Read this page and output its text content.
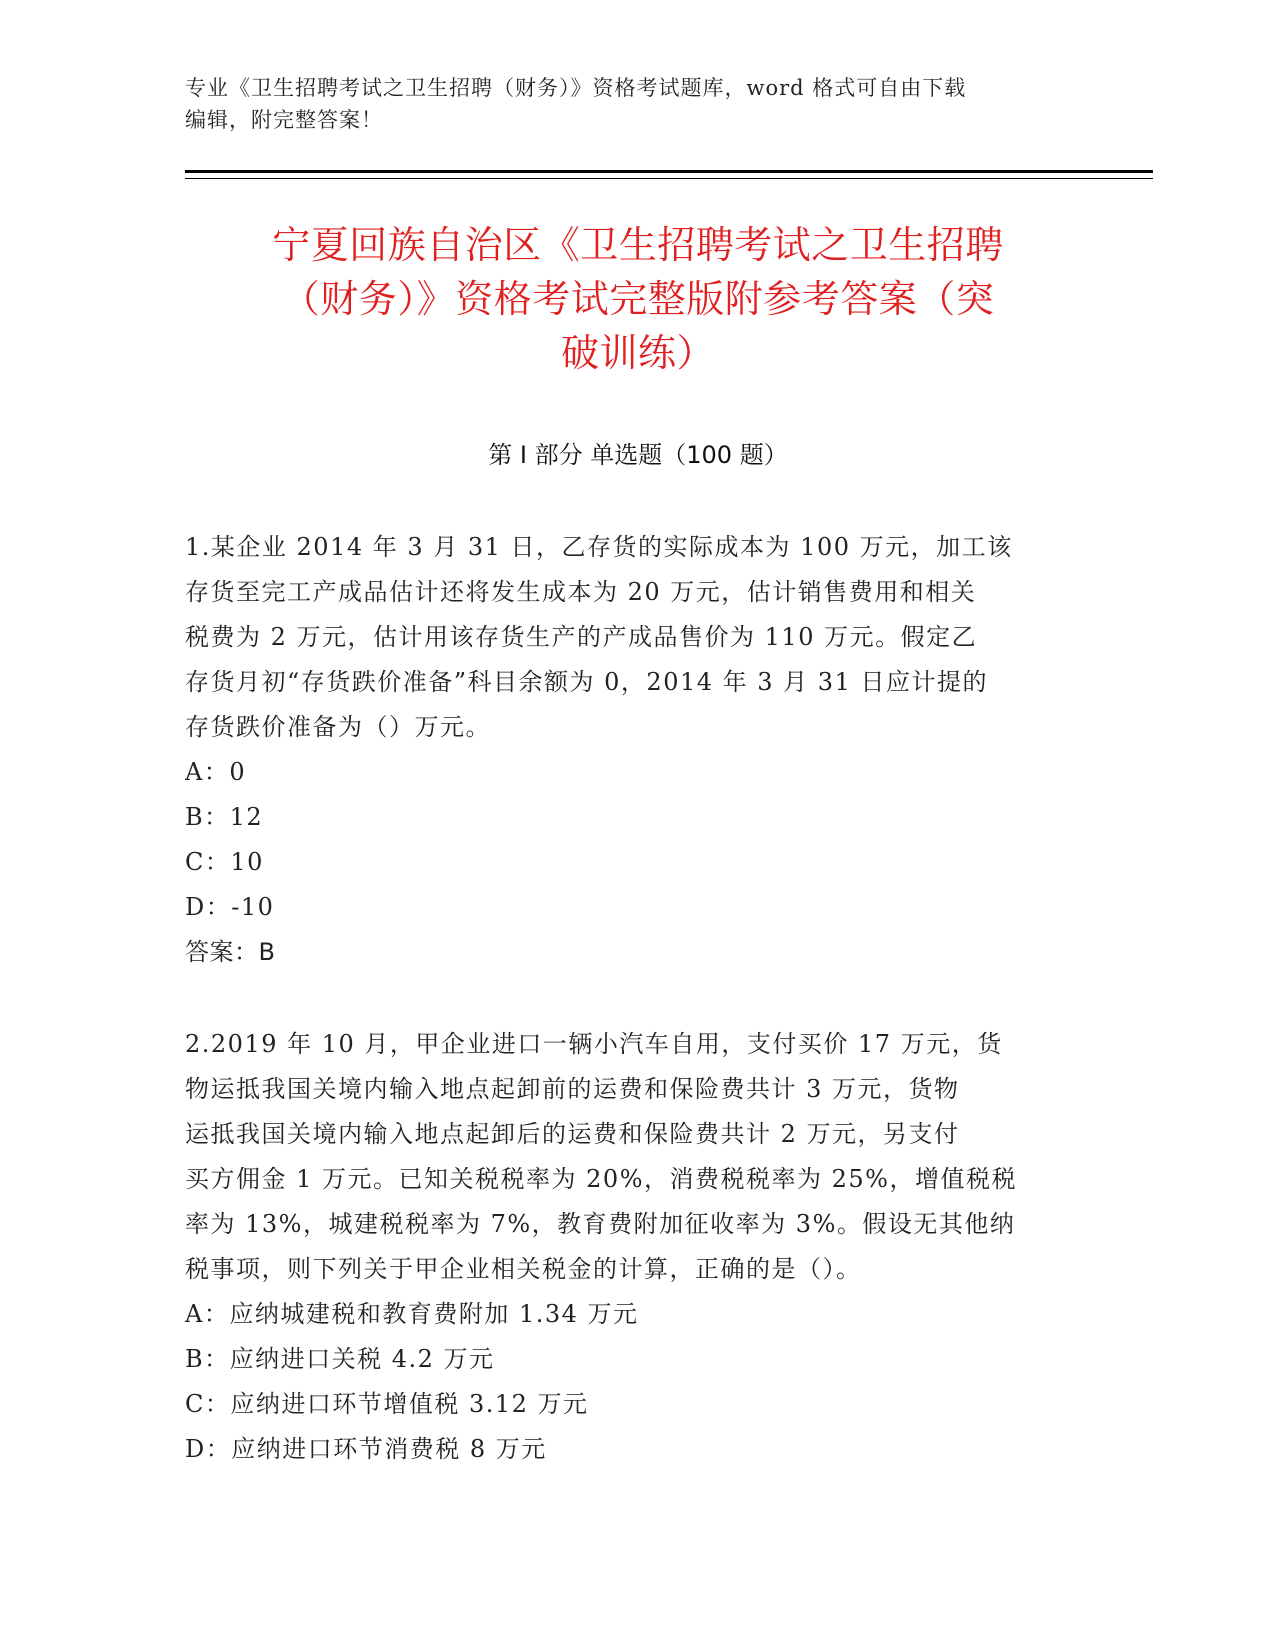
专业《卫生招聘考试之卫生招聘（财务）》资格考试题库，word 格式可自由下载
编辑，附完整答案！
宁夏回族自治区《卫生招聘考试之卫生招聘
（财务）》资格考试完整版附参考答案（突
破训练）
第 I 部分 单选题（100 题）
1.某企业 2014 年 3 月 31 日，乙存货的实际成本为 100 万元，加工该
存货至完工产成品估计还将发生成本为 20 万元，估计销售费用和相关
税费为 2 万元，估计用该存货生产的产成品售价为 110 万元。假定乙
存货月初“存货跌价准备”科目余额为 0，2014 年 3 月 31 日应计提的
存货跌价准备为（）万元。
A：0
B：12
C：10
D：-10
答案：B
2.2019 年 10 月，甲企业进口一辆小汽车自用，支付买价 17 万元，货
物运抵我国关境内输入地点起卸前的运费和保险费共计 3 万元，货物
运抵我国关境内输入地点起卸后的运费和保险费共计 2 万元，另支付
买方佣金 1 万元。已知关税税率为 20%，消费税税率为 25%，增值税税
率为 13%，城建税税率为 7%，教育费附加征收率为 3%。假设无其他纳
税事项，则下列关于甲企业相关税金的计算，正确的是（）。
A：应纳城建税和教育费附加 1.34 万元
B：应纳进口关税 4.2 万元
C：应纳进口环节增值税 3.12 万元
D：应纳进口环节消费税 8 万元
